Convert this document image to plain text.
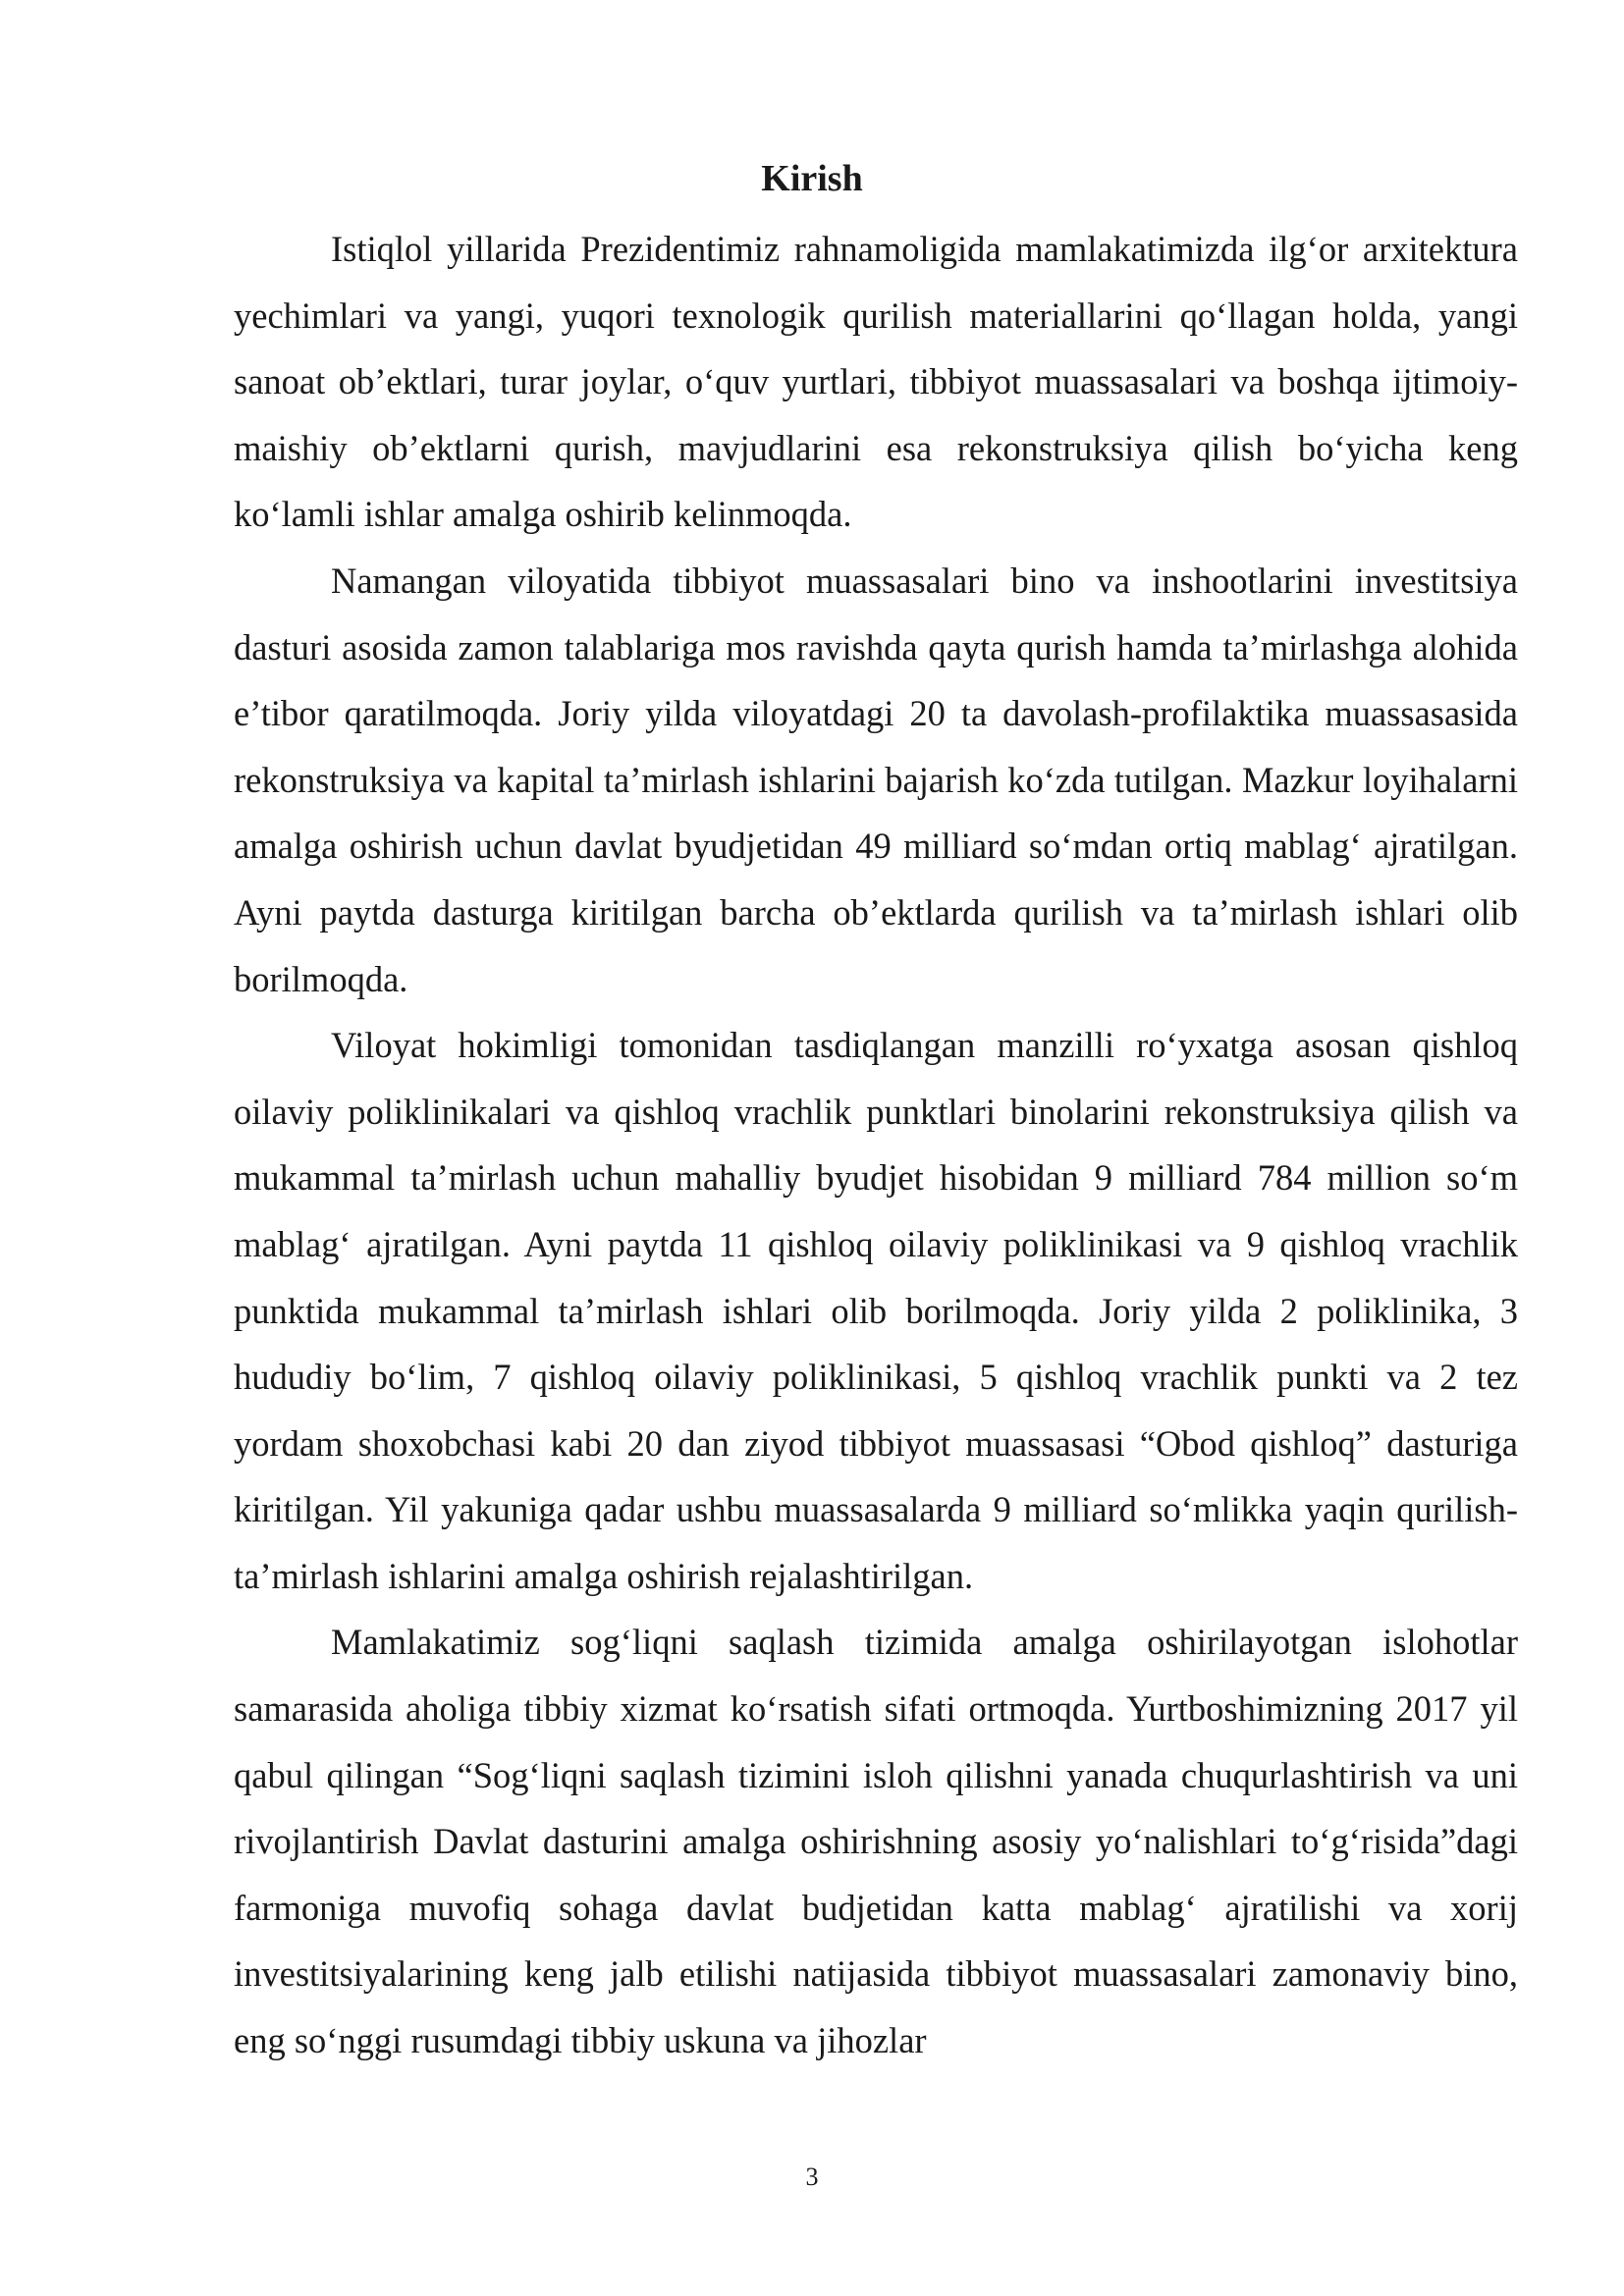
Kirish

Istiqlol yillarida Prezidentimiz rahnamoligida mamlakatimizda ilg‘or arxitektura yechimlari va yangi, yuqori texnologik qurilish materiallarini qo‘llagan holda, yangi sanoat ob’ektlari, turar joylar, o‘quv yurtlari, tibbiyot muassasalari va boshqa ijtimoiy-maishiy ob’ektlarni qurish, mavjudlarini esa rekonstruksiya qilish bo‘yicha keng ko‘lamli ishlar amalga oshirib kelinmoqda.

Namangan viloyatida tibbiyot muassasalari bino va inshootlarini investitsiya dasturi asosida zamon talablariga mos ravishda qayta qurish hamda ta’mirlashga alohida e’tibor qaratilmoqda. Joriy yilda viloyatdagi 20 ta davolash-profilaktika muassasasida rekonstruksiya va kapital ta’mirlash ishlarini bajarish ko‘zda tutilgan. Mazkur loyihalarni amalga oshirish uchun davlat byudjetidan 49 milliard so‘mdan ortiq mablag‘ ajratilgan. Ayni paytda dasturga kiritilgan barcha ob’ektlarda qurilish va ta’mirlash ishlari olib borilmoqda.

Viloyat hokimligi tomonidan tasdiqlangan manzilli ro‘yxatga asosan qishloq oilaviy poliklinikalari va qishloq vrachlik punktlari binolarini rekonstruksiya qilish va mukammal ta’mirlash uchun mahalliy byudjet hisobidan 9 milliard 784 million so‘m mablag‘ ajratilgan. Ayni paytda 11 qishloq oilaviy poliklinikasi va 9 qishloq vrachlik punktida mukammal ta’mirlash ishlari olib borilmoqda. Joriy yilda 2 poliklinika, 3 hududiy bo‘lim, 7 qishloq oilaviy poliklinikasi, 5 qishloq vrachlik punkti va 2 tez yordam shoxobchasi kabi 20 dan ziyod tibbiyot muassasasi “Obod qishloq” dasturiga kiritilgan. Yil yakuniga qadar ushbu muassasalarda 9 milliard so‘mlikka yaqin qurilish-ta’mirlash ishlarini amalga oshirish rejalashtirilgan.

Mamlakatimiz sog‘liqni saqlash tizimida amalga oshirilayotgan islohotlar samarasida aholiga tibbiy xizmat ko‘rsatish sifati ortmoqda. Yurtboshimizning 2017 yil qabul qilingan “Sog‘liqni saqlash tizimini isloh qilishni yanada chuqurlashtirish va uni rivojlantirish Davlat dasturini amalga oshirishning asosiy yo‘nalishlari to‘g‘risida”dagi farmoniga muvofiq sohaga davlat budjetidan katta mablag‘ ajratilishi va xorij investitsiyalarining keng jalb etilishi natijasida tibbiyot muassasalari zamonaviy bino, eng so‘nggi rusumdagi tibbiy uskuna va jihozlar

3
